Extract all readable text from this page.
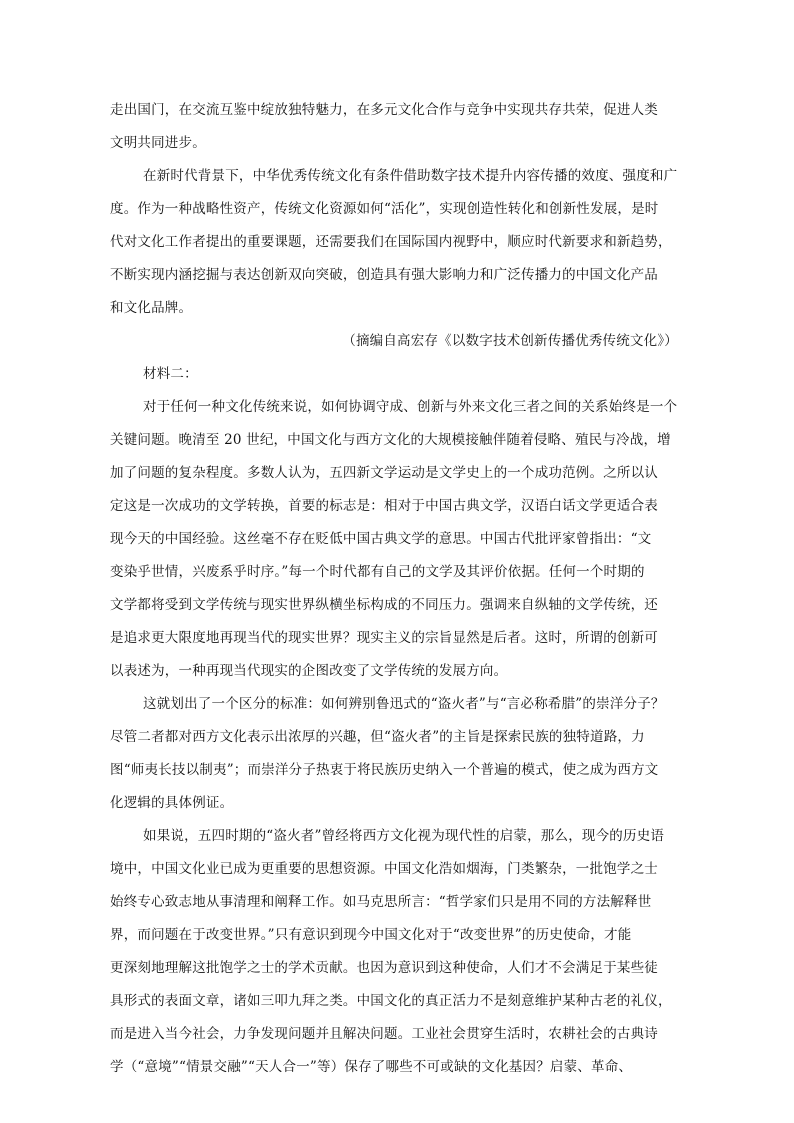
走出国门，在交流互鉴中绽放独特魅力，在多元文化合作与竞争中实现共存共荣，促进人类
文明共同进步。
在新时代背景下，中华优秀传统文化有条件借助数字技术提升内容传播的效度、强度和广
度。作为一种战略性资产，传统文化资源如何“活化”，实现创造性转化和创新性发展，是时
代对文化工作者提出的重要课题，还需要我们在国际国内视野中，顺应时代新要求和新趋势，
不断实现内涵挖掘与表达创新双向突破，创造具有强大影响力和广泛传播力的中国文化产品
和文化品牌。
（摘编自高宏存《以数字技术创新传播优秀传统文化》）
材料二：
对于任何一种文化传统来说，如何协调守成、创新与外来文化三者之间的关系始终是一个
关键问题。晚清至 20 世纪，中国文化与西方文化的大规模接触伴随着侵略、殖民与冷战，增
加了问题的复杂程度。多数人认为，五四新文学运动是文学史上的一个成功范例。之所以认
定这是一次成功的文学转换，首要的标志是：相对于中国古典文学，汉语白话文学更适合表
现今天的中国经验。这丝毫不存在贬低中国古典文学的意思。中国古代批评家曾指出：“文
变染乎世情，兴废系乎时序。”每一个时代都有自己的文学及其评价依据。任何一个时期的
文学都将受到文学传统与现实世界纵横坐标构成的不同压力。强调来自纵轴的文学传统，还
是追求更大限度地再现当代的现实世界？现实主义的宗旨显然是后者。这时，所谓的创新可
以表述为，一种再现当代现实的企图改变了文学传统的发展方向。
这就划出了一个区分的标准：如何辨别鲁迅式的“盗火者”与“言必称希腊”的崇洋分子？
尽管二者都对西方文化表示出浓厚的兴趣，但“盗火者”的主旨是探索民族的独特道路，力
图“师夷长技以制夷”；而崇洋分子热衷于将民族历史纳入一个普遍的模式，使之成为西方文
化逻辑的具体例证。
如果说，五四时期的“盗火者”曾经将西方文化视为现代性的启蒙，那么，现今的历史语
境中，中国文化业已成为更重要的思想资源。中国文化浩如烟海，门类繁杂，一批饱学之士
始终专心致志地从事清理和阐释工作。如马克思所言：“哲学家们只是用不同的方法解释世
界，而问题在于改变世界。”只有意识到现今中国文化对于“改变世界”的历史使命，才能
更深刻地理解这批饱学之士的学术贡献。也因为意识到这种使命，人们才不会满足于某些徒
具形式的表面文章，诸如三叩九拜之类。中国文化的真正活力不是刻意维护某种古老的礼仪，
而是进入当今社会，力争发现问题并且解决问题。工业社会贯穿生活时，农耕社会的古典诗
学（“意境”“情景交融”“天人合一”等）保存了哪些不可或缺的文化基因？启蒙、革命、
